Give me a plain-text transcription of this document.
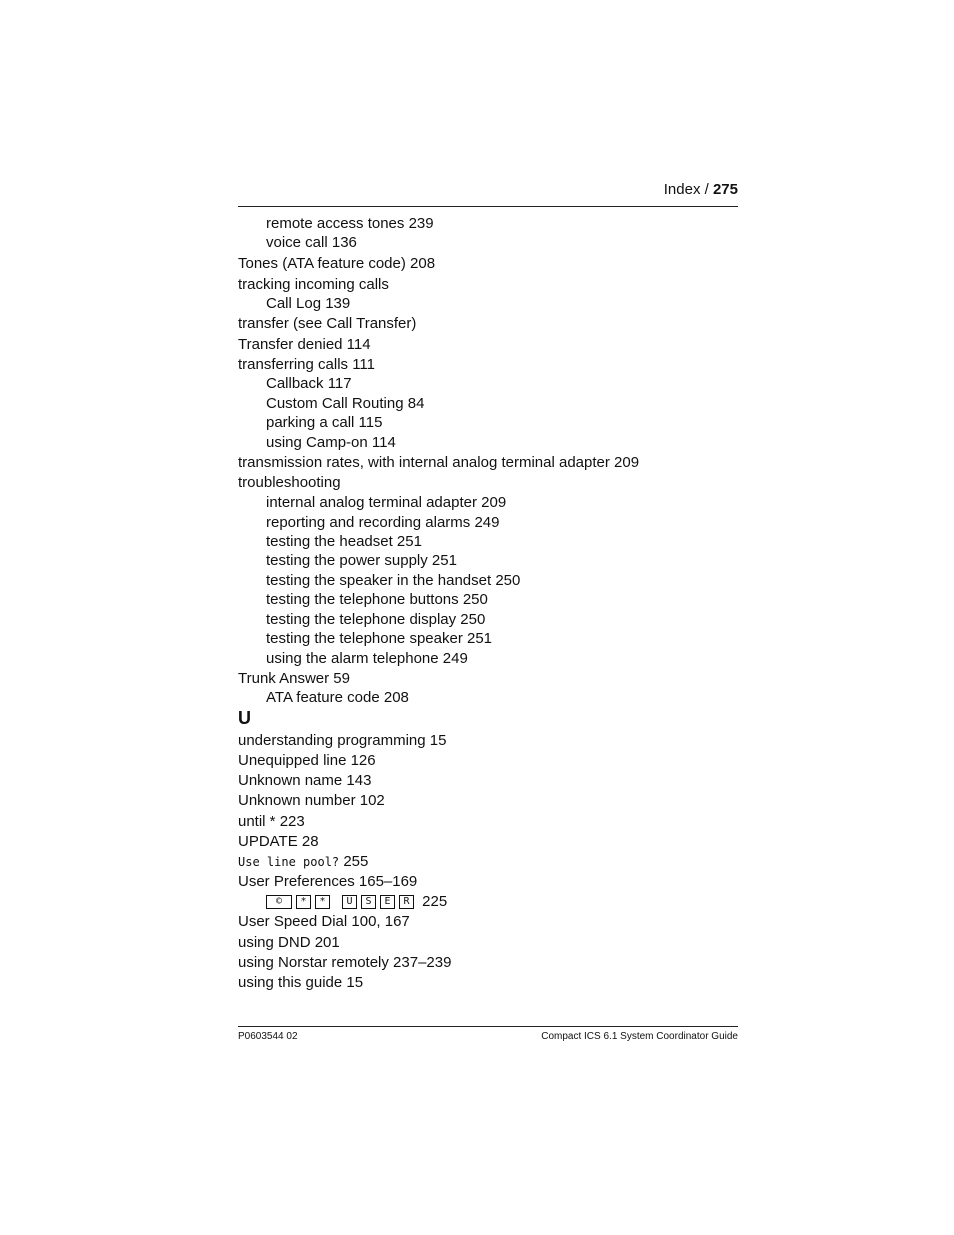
Index / 275
remote access tones 239
voice call 136
Tones (ATA feature code) 208
tracking incoming calls
Call Log 139
transfer (see Call Transfer)
Transfer denied 114
transferring calls 111
Callback 117
Custom Call Routing 84
parking a call 115
using Camp-on 114
transmission rates, with internal analog terminal adapter 209
troubleshooting
internal analog terminal adapter 209
reporting and recording alarms 249
testing the headset 251
testing the power supply 251
testing the speaker in the handset 250
testing the telephone buttons 250
testing the telephone display 250
testing the telephone speaker 251
using the alarm telephone 249
Trunk Answer 59
ATA feature code 208
U
understanding programming 15
Unequipped line 126
Unknown name 143
Unknown number 102
until * 223
UPDATE 28
Use line pool? 255
User Preferences 165–169
© * * U S E R 225
User Speed Dial 100, 167
using DND 201
using Norstar remotely 237–239
using this guide 15
P0603544 02	Compact ICS 6.1 System Coordinator Guide
